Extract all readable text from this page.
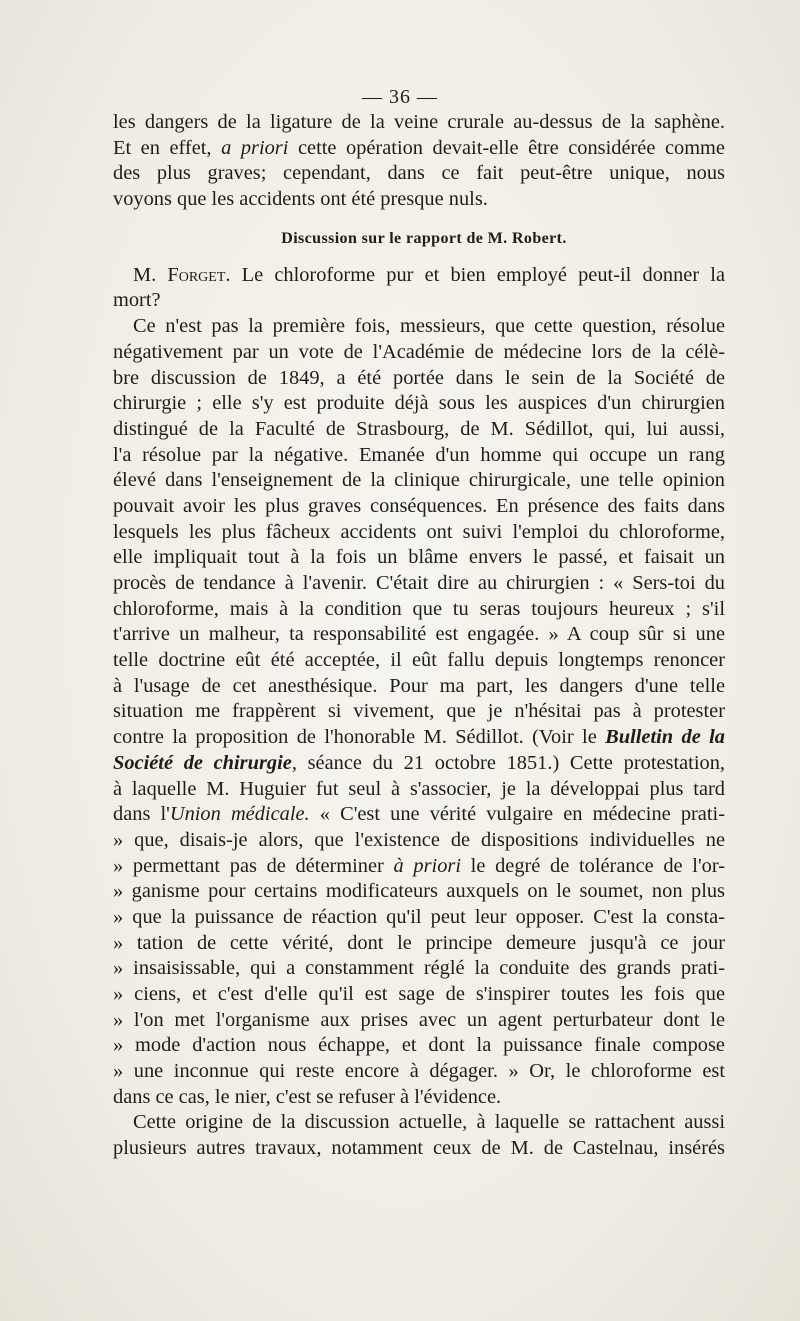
— 36 —
les dangers de la ligature de la veine crurale au-dessus de la saphène.
Et en effet, a priori cette opération devait-elle être considérée comme
des plus graves; cependant, dans ce fait peut-être unique, nous
voyons que les accidents ont été presque nuls.
Discussion sur le rapport de M. Robert.
M. Forget. Le chloroforme pur et bien employé peut-il donner la
mort?
Ce n'est pas la première fois, messieurs, que cette question, résolue
négativement par un vote de l'Académie de médecine lors de la célè-
bre discussion de 1849, a été portée dans le sein de la Société de
chirurgie ; elle s'y est produite déjà sous les auspices d'un chirurgien
distingué de la Faculté de Strasbourg, de M. Sédillot, qui, lui aussi,
l'a résolue par la négative. Emanée d'un homme qui occupe un rang
élevé dans l'enseignement de la clinique chirurgicale, une telle opinion
pouvait avoir les plus graves conséquences. En présence des faits dans
lesquels les plus fâcheux accidents ont suivi l'emploi du chloroforme,
elle impliquait tout à la fois un blâme envers le passé, et faisait un
procès de tendance à l'avenir. C'était dire au chirurgien : « Sers-toi du
chloroforme, mais à la condition que tu seras toujours heureux ; s'il
t'arrive un malheur, ta responsabilité est engagée. » A coup sûr si une
telle doctrine eût été acceptée, il eût fallu depuis longtemps renoncer
à l'usage de cet anesthésique. Pour ma part, les dangers d'une telle
situation me frappèrent si vivement, que je n'hésitai pas à protester
contre la proposition de l'honorable M. Sédillot. (Voir le Bulletin de la
Société de chirurgie, séance du 21 octobre 1851.) Cette protestation,
à laquelle M. Huguier fut seul à s'associer, je la développai plus tard
dans l'Union médicale. « C'est une vérité vulgaire en médecine prati-
» que, disais-je alors, que l'existence de dispositions individuelles ne
» permettant pas de déterminer à priori le degré de tolérance de l'or-
» ganisme pour certains modificateurs auxquels on le soumet, non plus
» que la puissance de réaction qu'il peut leur opposer. C'est la consta-
» tation de cette vérité, dont le principe demeure jusqu'à ce jour
» insaisissable, qui a constamment réglé la conduite des grands prati-
» ciens, et c'est d'elle qu'il est sage de s'inspirer toutes les fois que
» l'on met l'organisme aux prises avec un agent perturbateur dont le
» mode d'action nous échappe, et dont la puissance finale compose
» une inconnue qui reste encore à dégager. » Or, le chloroforme est
dans ce cas, le nier, c'est se refuser à l'évidence.
Cette origine de la discussion actuelle, à laquelle se rattachent aussi
plusieurs autres travaux, notamment ceux de M. de Castelnau, insérés
